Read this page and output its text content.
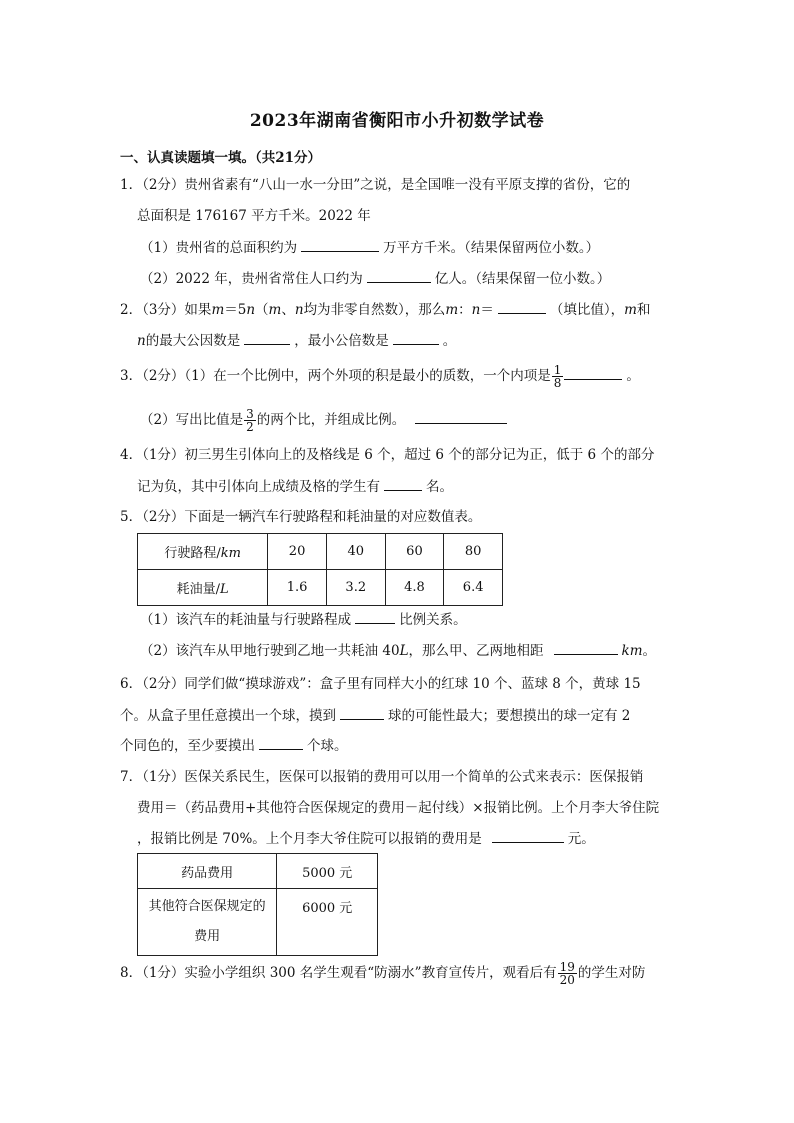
2023年湖南省衡阳市小升初数学试卷
一、认真读题填一填。（共21分）
1．（2分）贵州省素有“八山一水一分田”之说，是全国唯一没有平原支撑的省份，它的
总面积是 176167 平方千米。2022 年
（1）贵州省的总面积约为	万平方千米。（结果保留两位小数。）
（2）2022 年，贵州省常住人口约为	亿人。（结果保留一位小数。）
2．（3分）如果m＝5n（m、n均为非零自然数），那么m：n＝	（填比值），m和
n的最大公因数是	，最小公倍数是	。
3．（2分）（1）在一个比例中，两个外项的积是最小的质数，一个内项是 $\frac{1}{8}$	。
（2）写出比值是 $\frac{3}{2}$ 的两个比，并组成比例。
4．（1分）初三男生引体向上的及格线是 6 个，超过 6 个的部分记为正，低于 6 个的部分
记为负，其中引体向上成绩及格的学生有	名。
5．（2分）下面是一辆汽车行驶路程和耗油量的对应数值表。
行驶路程/km	20	40	60	80
耗油量/L	1.6	3.2	4.8	6.4
（1）该汽车的耗油量与行驶路程成	比例关系。
（2）该汽车从甲地行驶到乙地一共耗油 40L，那么甲、乙两地相距	km。
6．（2分）同学们做“摸球游戏”：盒子里有同样大小的红球 10 个、蓝球 8 个，黄球 15
个。从盒子里任意摸出一个球，摸到	球的可能性最大；要想摸出的球一定有 2
个同色的，至少要摸出	个球。
7．（1分）医保关系民生，医保可以报销的费用可以用一个简单的公式来表示：医保报销
费用＝（药品费用+其他符合医保规定的费用－起付线）×报销比例。上个月李大爷住院
，报销比例是 70%。上个月李大爷住院可以报销的费用是	元。
药品费用	5000 元

其他符合医保规定的
费用	6000 元
8．（1分）实验小学组织 300 名学生观看“防溺水”教育宣传片，观看后有 $\frac{19}{20}$ 的学生对防
